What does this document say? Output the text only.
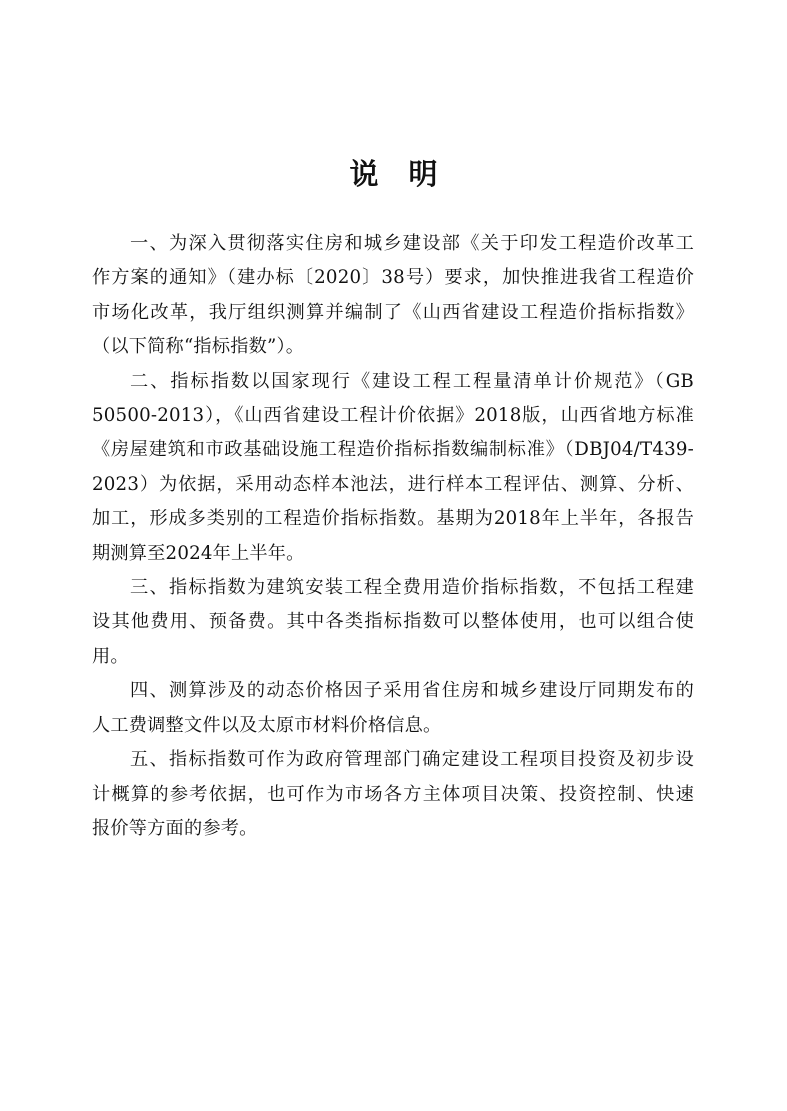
说明

一、为深入贯彻落实住房和城乡建设部《关于印发工程造价改革工
作方案的通知》（建办标〔2020〕38号）要求，加快推进我省工程造价
市场化改革，我厅组织测算并编制了《山西省建设工程造价指标指数》
（以下简称“指标指数”）。

二、指标指数以国家现行《建设工程工程量清单计价规范》（GB
50500-2013），《山西省建设工程计价依据》2018版，山西省地方标准
《房屋建筑和市政基础设施工程造价指标指数编制标准》（DBJ04/T439-
2023）为依据，采用动态样本池法，进行样本工程评估、测算、分析、
加工，形成多类别的工程造价指标指数。基期为2018年上半年，各报告
期测算至2024年上半年。

三、指标指数为建筑安装工程全费用造价指标指数，不包括工程建
设其他费用、预备费。其中各类指标指数可以整体使用，也可以组合使
用。

四、测算涉及的动态价格因子采用省住房和城乡建设厅同期发布的
人工费调整文件以及太原市材料价格信息。

五、指标指数可作为政府管理部门确定建设工程项目投资及初步设
计概算的参考依据，也可作为市场各方主体项目决策、投资控制、快速
报价等方面的参考。
